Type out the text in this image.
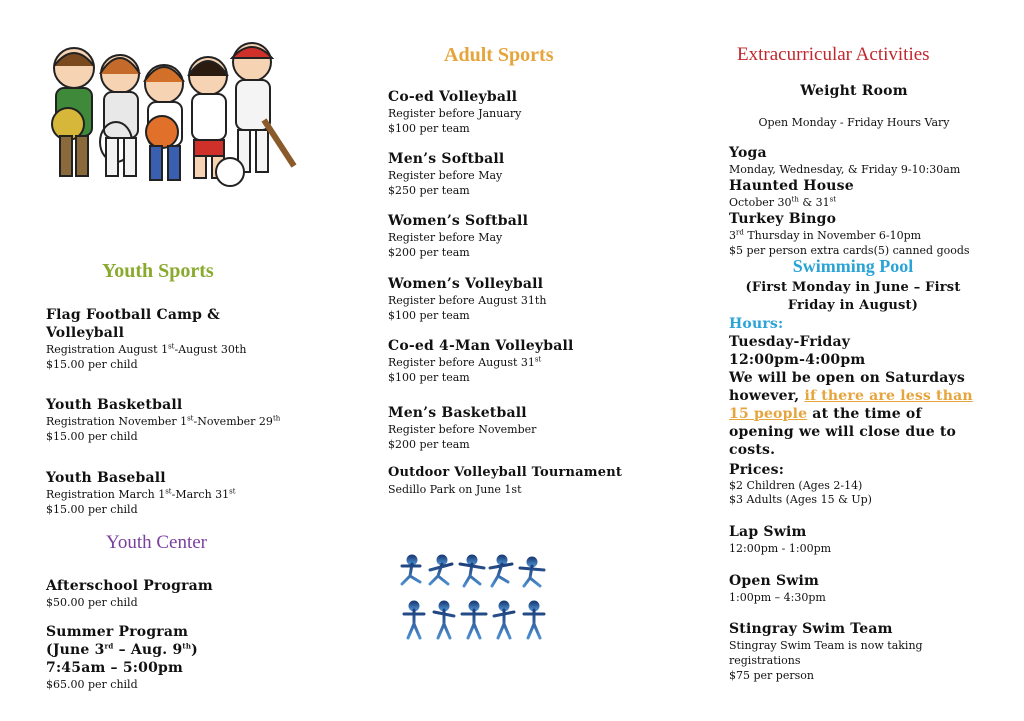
Youth Sports
Flag Football Camp & Volleyball
Registration August 1st-August 30th
$15.00 per child
Youth Basketball
Registration November 1st-November 29th
$15.00 per child
Youth Baseball
Registration March 1st-March 31st
$15.00 per child
Youth Center
Afterschool Program
$50.00 per child
Summer Program
(June 3rd – Aug. 9th)
7:45am – 5:00pm
$65.00 per child
Adult Sports
Co-ed Volleyball
Register before January
$100 per team
Men’s Softball
Register before May
$250 per team
Women’s Softball
Register before May
$200 per team
Women’s Volleyball
Register before August 31th
$100 per team
Co-ed 4-Man Volleyball
Register before August 31st
$100 per team
Men’s Basketball
Register before November
$200 per team
Outdoor Volleyball Tournament
Sedillo Park on June 1st
Extracurricular Activities
Weight Room
Open Monday - Friday Hours Vary
Yoga
Monday, Wednesday, & Friday 9-10:30am
Haunted House
October 30th & 31st
Turkey Bingo
3rd Thursday in November 6-10pm
$5 per person extra cards(5) canned goods
Swimming Pool
(First Monday in June – First Friday in August)
Hours:
Tuesday-Friday
12:00pm-4:00pm
We will be open on Saturdays however, if there are less than 15 people at the time of opening we will close due to costs.
Prices:
$2 Children (Ages 2-14)
$3 Adults (Ages 15 & Up)
Lap Swim
12:00pm - 1:00pm
Open Swim
1:00pm – 4:30pm
Stingray Swim Team
Stingray Swim Team is now taking registrations
$75 per person
